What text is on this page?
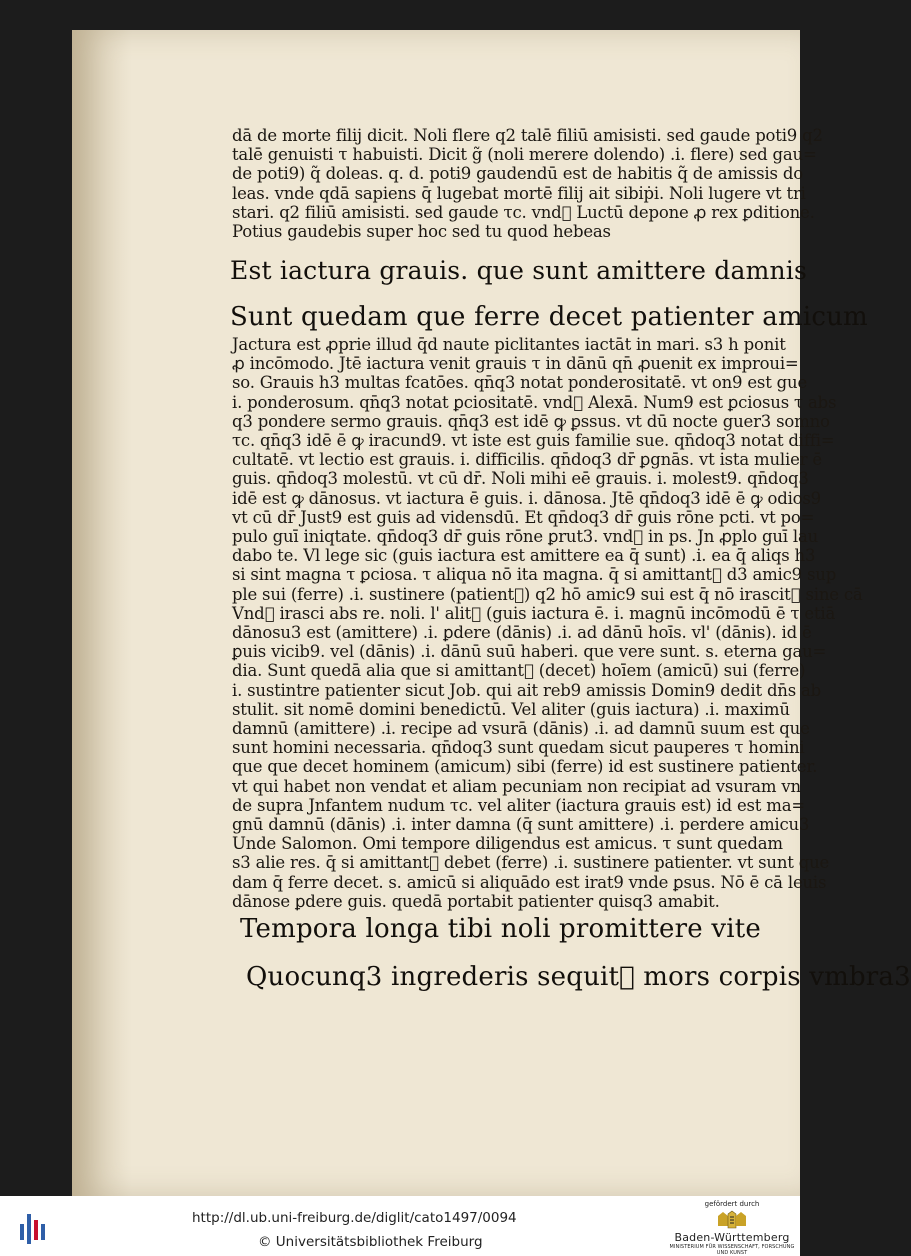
dā de morte filij dicit. Noli flere q2 talē filiū amisisti. sed gaude poti9 q2
talē genuisti τ habuisti. Dicit g̃ (noli merere dolendo) .i. flere) sed gau=
de poti9) q̃ doleas. q. d. poti9 gaudendū est de habitis q̃ de amissis do
leas. vnde qdā sapiens q̄ lugebat mortē filij ait sibi̇ṗi. Noli lugere vt tri
stari. q2 filiū amisisti. sed gaude τc. vnd᷑ Luctū depone ꝓ rex ꝑditione.
Potius gaudebis super hoc sed tu quod hebeas
Est iactura grauis. que sunt amittere damnis
Sunt quedam que ferre decet patienter amicum
Jactura est ꝓprie illud q̄d naute piclitantes iactāt in mari. s3 h ponit
ꝓ incōmodo. Jtē iactura venit grauis τ in dānū qn̄ ꝓuenit ex improui=
so. Grauis h3 multas fcatōes. qn̄q3 notat ponderositatē. vt on9 est gue
i. ponderosum. qn̄q3 notat ꝑciositatē. vnd᷑ Alexā. Num9 est ꝑciosus τ abs
q3 pondere sermo grauis. qn̄q3 est idē ꝙ ꝑssus. vt dū nocte guer3 somno
τc. qn̄q3 idē ē ꝙ iracund9. vt iste est guis familie sue. qn̄doq3 notat diffi=
cultatē. vt lectio est grauis. i. difficilis. qn̄doq3 dr̄ ꝑgnās. vt ista mulier ē
guis. qn̄doq3 molestū. vt cū dr̄. Noli mihi eē grauis. i. molest9. qn̄doq3
idē est ꝙ dānosus. vt iactura ē guis. i. dānosa. Jtē qn̄doq3 idē ē ꝙ odios9
vt cū dr̄ Just9 est guis ad vidensdū. Et qn̄doq3 dr̄ guis rōne pcti. vt po=
pulo guī iniqtate. qn̄doq3 dr̄ guis rōne ꝑrut3. vnd᷑ in ps. Jn ꝓplo guī lau
dabo te. Vl lege sic (guis iactura est amittere ea q̄ sunt) .i. ea q̄ aliqs h3
si sint magna τ ꝑciosa. τ aliqua nō ita magna. q̄ si amittant᷑ d3 amic9 sup
ple sui (ferre) .i. sustinere (patient᷑) q2 hō amic9 sui est q̄ nō irascit᷑ sine cā
Vnd᷑ irasci abs re. noli. l' alit᷑ (guis iactura ē. i. magnū incōmodū ē τ etiā
dānosu3 est (amittere) .i. ꝑdere (dānis) .i. ad dānū hoīs. vl' (dānis). id ē
ꝑuis vicib9. vel (dānis) .i. dānū suū haberi. que vere sunt. s. eterna gau=
dia. Sunt quedā alia que si amittant᷑ (decet) hoīem (amicū) sui (ferre)
i. sustintre patienter sicut Job. qui ait reb9 amissis Domin9 dedit dn̄s ab
stulit. sit nomē domini benedictū. Vel aliter (guis iactura) .i. maximū
damnū (amittere) .i. recipe ad vsurā (dānis) .i. ad damnū suum est que
sunt homini necessaria. qn̄doq3 sunt quedam sicut pauperes τ homini
que que decet hominem (amicum) sibi (ferre) id est sustinere patienter.
vt qui habet non vendat et aliam pecuniam non recipiat ad vsuram vn
de supra Jnfantem nudum τc. vel aliter (iactura grauis est) id est ma=
gnū damnū (dānis) .i. inter damna (q̄ sunt amittere) .i. perdere amicu3
Unde Salomon. Omi tempore diligendus est amicus. τ sunt quedam
s3 alie res. q̄ si amittant᷑ debet (ferre) .i. sustinere patienter. vt sunt que
dam q̄ ferre decet. s. amicū si aliquādo est irat9 vnde ꝑsus. Nō ē cā leuis
dānose ꝑdere guis. quedā portabit patienter quisq3 amabit.
Tempora longa tibi noli promittere vite
Quocunq3 ingrederis sequit᷑ mors corpis vmbra3
http://dl.ub.uni-freiburg.de/diglit/cato1497/0094
© Universitätsbibliothek Freiburg
gefördert durch
Baden-Württemberg
MINISTERIUM FÜR WISSENSCHAFT, FORSCHUNG UND KUNST
